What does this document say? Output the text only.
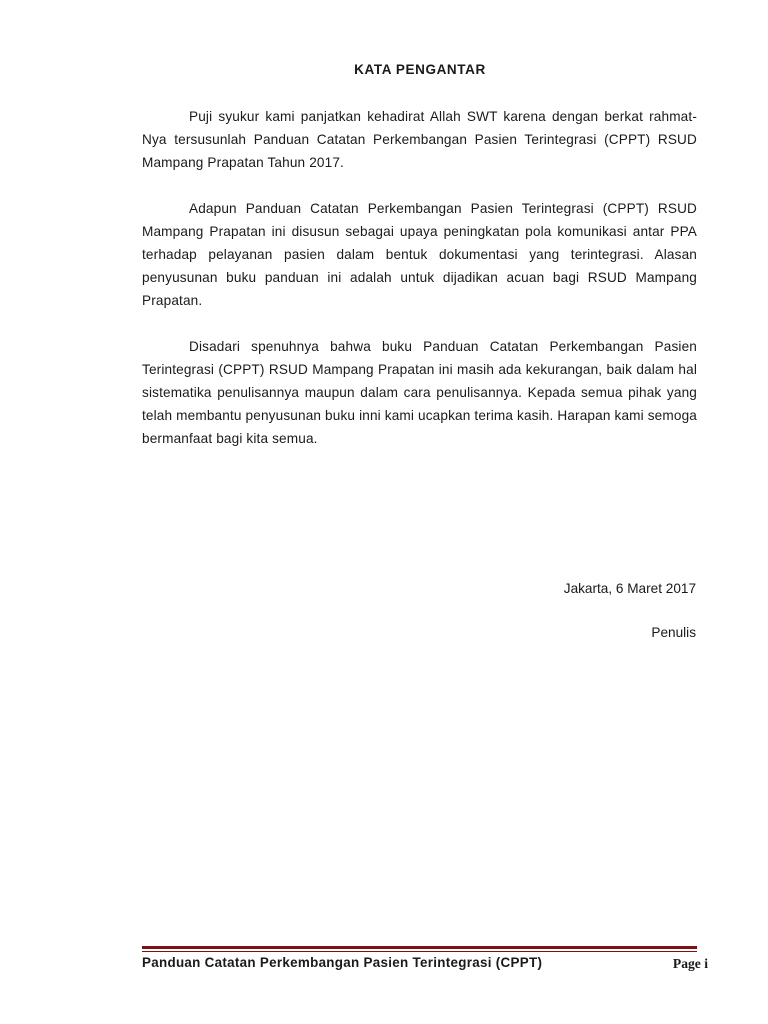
KATA PENGANTAR

Puji syukur kami panjatkan kehadirat Allah SWT karena dengan berkat rahmat-Nya tersusunlah Panduan Catatan Perkembangan Pasien Terintegrasi (CPPT) RSUD Mampang Prapatan Tahun 2017.

Adapun Panduan Catatan Perkembangan Pasien Terintegrasi (CPPT) RSUD Mampang Prapatan ini disusun sebagai upaya peningkatan pola komunikasi antar PPA terhadap pelayanan pasien dalam bentuk dokumentasi yang terintegrasi. Alasan penyusunan buku panduan ini adalah untuk dijadikan acuan bagi RSUD Mampang Prapatan.

Disadari spenuhnya bahwa buku Panduan Catatan Perkembangan Pasien Terintegrasi (CPPT) RSUD Mampang Prapatan ini masih ada kekurangan, baik dalam hal sistematika penulisannya maupun dalam cara penulisannya. Kepada semua pihak yang telah membantu penyusunan buku inni kami ucapkan terima kasih. Harapan kami semoga bermanfaat bagi kita semua.

Jakarta, 6 Maret 2017
Penulis
Panduan Catatan Perkembangan Pasien Terintegrasi (CPPT)	Page i
